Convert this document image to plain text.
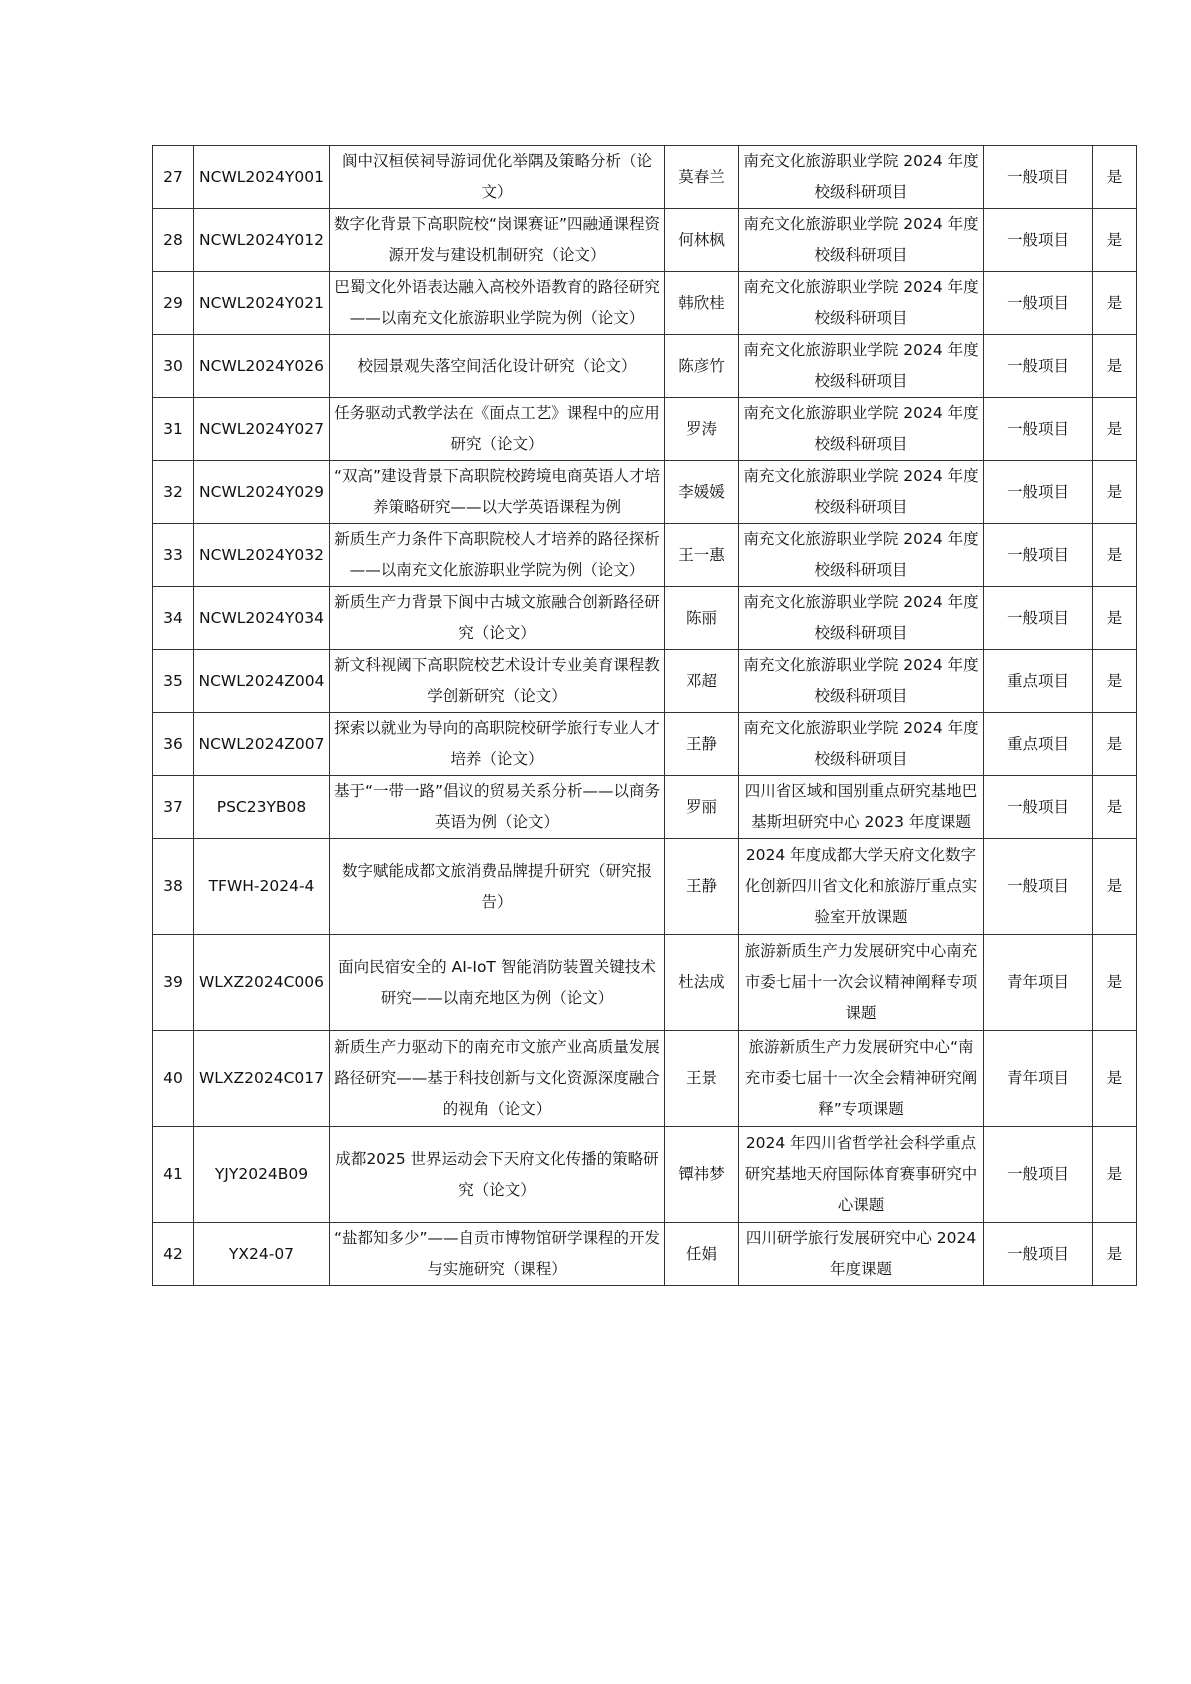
27	NCWL2024Y001	阆中汉桓侯祠导游词优化举隅及策略分析（论文）	莫春兰	南充文化旅游职业学院 2024 年度校级科研项目	一般项目	是
28	NCWL2024Y012	数字化背景下高职院校“岗课赛证”四融通课程资源开发与建设机制研究（论文）	何林枫	南充文化旅游职业学院 2024 年度校级科研项目	一般项目	是
29	NCWL2024Y021	巴蜀文化外语表达融入高校外语教育的路径研究——以南充文化旅游职业学院为例（论文）	韩欣桂	南充文化旅游职业学院 2024 年度校级科研项目	一般项目	是
30	NCWL2024Y026	校园景观失落空间活化设计研究（论文）	陈彦竹	南充文化旅游职业学院 2024 年度校级科研项目	一般项目	是
31	NCWL2024Y027	任务驱动式教学法在《面点工艺》课程中的应用研究（论文）	罗涛	南充文化旅游职业学院 2024 年度校级科研项目	一般项目	是
32	NCWL2024Y029	“双高”建设背景下高职院校跨境电商英语人才培养策略研究——以大学英语课程为例	李媛媛	南充文化旅游职业学院 2024 年度校级科研项目	一般项目	是
33	NCWL2024Y032	新质生产力条件下高职院校人才培养的路径探析——以南充文化旅游职业学院为例（论文）	王一惠	南充文化旅游职业学院 2024 年度校级科研项目	一般项目	是
34	NCWL2024Y034	新质生产力背景下阆中古城文旅融合创新路径研究（论文）	陈丽	南充文化旅游职业学院 2024 年度校级科研项目	一般项目	是
35	NCWL2024Z004	新文科视阈下高职院校艺术设计专业美育课程教学创新研究（论文）	邓超	南充文化旅游职业学院 2024 年度校级科研项目	重点项目	是
36	NCWL2024Z007	探索以就业为导向的高职院校研学旅行专业人才培养（论文）	王静	南充文化旅游职业学院 2024 年度校级科研项目	重点项目	是
37	PSC23YB08	基于“一带一路”倡议的贸易关系分析——以商务英语为例（论文）	罗丽	四川省区域和国别重点研究基地巴基斯坦研究中心 2023 年度课题	一般项目	是
38	TFWH-2024-4	数字赋能成都文旅消费品牌提升研究（研究报告）	王静	2024 年度成都大学天府文化数字化创新四川省文化和旅游厅重点实验室开放课题	一般项目	是
39	WLXZ2024C006	面向民宿安全的 AI-IoT 智能消防装置关键技术研究——以南充地区为例（论文）	杜法成	旅游新质生产力发展研究中心南充市委七届十一次会议精神阐释专项课题	青年项目	是
40	WLXZ2024C017	新质生产力驱动下的南充市文旅产业高质量发展路径研究——基于科技创新与文化资源深度融合的视角（论文）	王景	旅游新质生产力发展研究中心“南充市委七届十一次全会精神研究阐释”专项课题	青年项目	是
41	YJY2024B09	成都2025 世界运动会下天府文化传播的策略研究（论文）	镡祎梦	2024 年四川省哲学社会科学重点研究基地天府国际体育赛事研究中心课题	一般项目	是
42	YX24-07	“盐都知多少”——自贡市博物馆研学课程的开发与实施研究（课程）	任娟	四川研学旅行发展研究中心 2024 年度课题	一般项目	是
